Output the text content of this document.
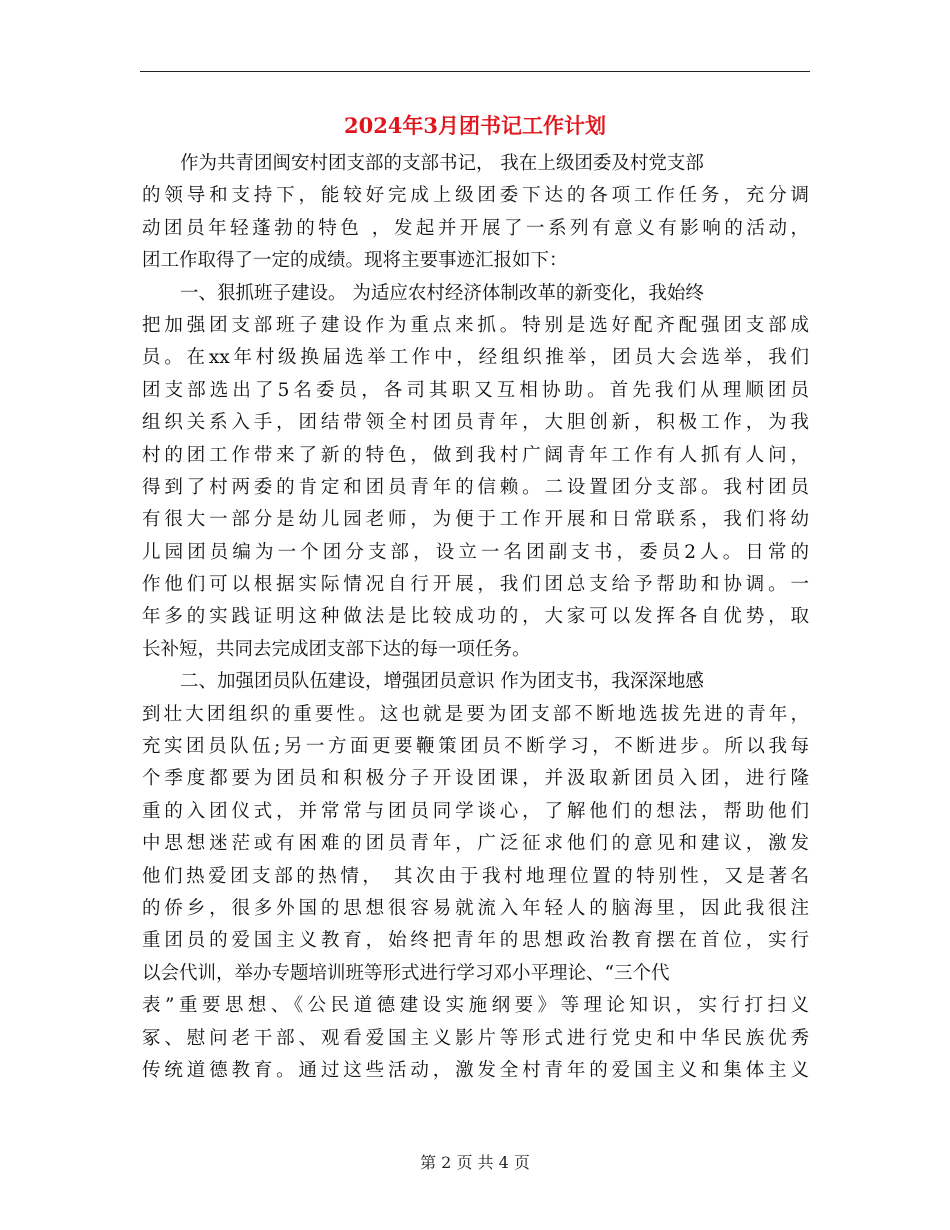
2024年3月团书记工作计划
作为共青团闽安村团支部的支部书记， 我在上级团委及村党支部
的领导和支持下，能较好完成上级团委下达的各项工作任务，充分调
动团员年轻蓬勃的特色 ，发起并开展了一系列有意义有影响的活动，
团工作取得了一定的成绩。现将主要事迹汇报如下：
一、狠抓班子建设。 为适应农村经济体制改革的新变化，我始终
把加强团支部班子建设作为重点来抓。特别是选好配齐配强团支部成
员。在xx年村级换届选举工作中，经组织推举，团员大会选举，我们
团支部选出了5名委员，各司其职又互相协助。首先我们从理顺团员
组织关系入手，团结带领全村团员青年，大胆创新，积极工作，为我
村的团工作带来了新的特色，做到我村广阔青年工作有人抓有人问，
得到了村两委的肯定和团员青年的信赖。二设置团分支部。我村团员
有很大一部分是幼儿园老师，为便于工作开展和日常联系，我们将幼
儿园团员编为一个团分支部，设立一名团副支书，委员2人。日常的
作他们可以根据实际情况自行开展，我们团总支给予帮助和协调。一
年多的实践证明这种做法是比较成功的，大家可以发挥各自优势，取
长补短，共同去完成团支部下达的每一项任务。
二、加强团员队伍建设，增强团员意识 作为团支书，我深深地感
到壮大团组织的重要性。这也就是要为团支部不断地选拔先进的青年，
充实团员队伍;另一方面更要鞭策团员不断学习，不断进步。所以我每
个季度都要为团员和积极分子开设团课，并汲取新团员入团，进行隆
重的入团仪式，并常常与团员同学谈心，了解他们的想法，帮助他们
中思想迷茫或有困难的团员青年，广泛征求他们的意见和建议，激发
他们热爱团支部的热情， 其次由于我村地理位置的特别性，又是著名
的侨乡，很多外国的思想很容易就流入年轻人的脑海里，因此我很注
重团员的爱国主义教育，始终把青年的思想政治教育摆在首位，实行
以会代训，举办专题培训班等形式进行学习邓小平理论、“三个代
表”重要思想、《公民道德建设实施纲要》等理论知识，实行打扫义
冢、慰问老干部、观看爱国主义影片等形式进行党史和中华民族优秀
传统道德教育。通过这些活动，激发全村青年的爱国主义和集体主义
第 2 页 共 4 页
